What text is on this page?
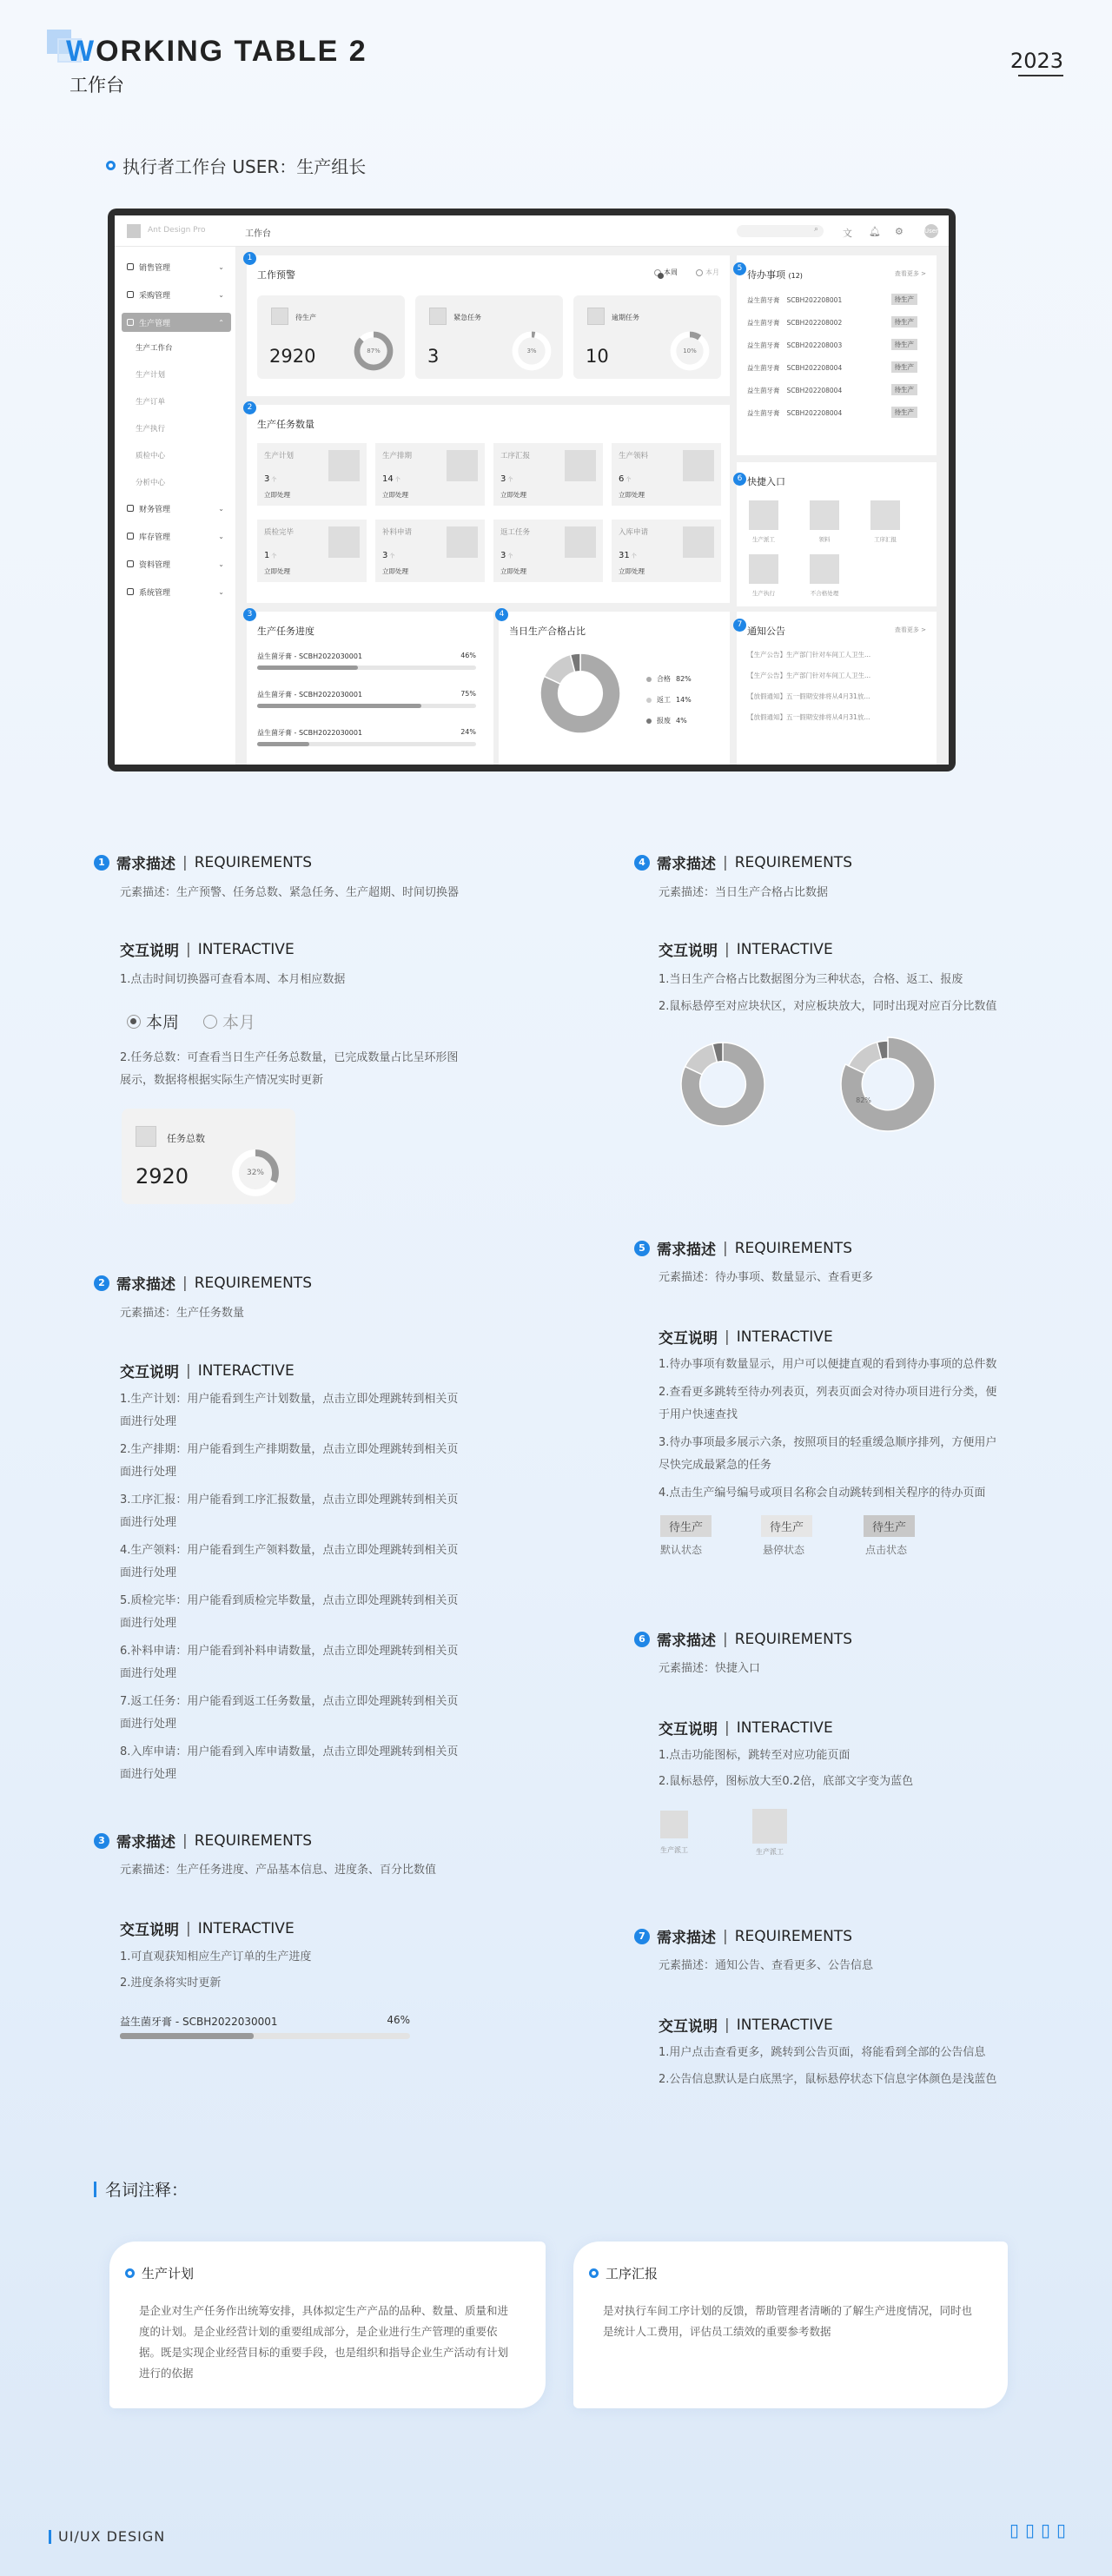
WORKING TABLE 2
工作台
2023
执行者工作台 USER：生产组长
Ant Design Pro	工作台	⌕	文 🔔︎ ⚙	User
销售管理	⌄
采购管理	⌄
生产管理	⌃
生产工作台
生产计划
生产订单
生产执行
质检中心
分析中心
财务管理	⌄
库存管理	⌄
资料管理	⌄
系统管理	⌄
1
工作预警	本周	本月
待生产
2920	87%
紧急任务
3	3%
逾期任务
10	10%
2
生产任务数量
生产计划
3 个
立即处理
生产排期
14 个
立即处理
工序汇报
3 个
立即处理
生产领料
6 个
立即处理
质检完毕
1 个
立即处理
补料申请
3 个
立即处理
返工任务
3 个
立即处理
入库申请
31 个
立即处理
3
生产任务进度
益生菌牙膏 - SCBH2022030001	46%
益生菌牙膏 - SCBH2022030001	75%
益生菌牙膏 - SCBH2022030001	24%
4
当日生产合格占比
合格 82%
返工 14%
报废 4%
5
待办事项 (12)	查看更多 >
益生菌牙膏 SCBH202208001	待生产
益生菌牙膏 SCBH202208002	待生产
益生菌牙膏 SCBH202208003	待生产
益生菌牙膏 SCBH202208004	待生产
益生菌牙膏 SCBH202208004	待生产
益生菌牙膏 SCBH202208004	待生产
6 快捷入口
生产派工	领料	工序汇报
生产执行	不合格处理
7
通知公告	查看更多 >
【生产公告】生产部门针对车间工人卫生...
【生产公告】生产部门针对车间工人卫生...
【放假通知】五一假期安排将从4月31放...
【放假通知】五一假期安排将从4月31放...
1 需求描述 | REQUIREMENTS
元素描述：生产预警、任务总数、紧急任务、生产超期、时间切换器
交互说明 | INTERACTIVE
1.点击时间切换器可查看本周、本月相应数据
本周	本月
2.任务总数：可查看当日生产任务总数量，已完成数量占比呈环形图
展示，数据将根据实际生产情况实时更新
任务总数
2920	32%
2 需求描述 | REQUIREMENTS
元素描述：生产任务数量
交互说明 | INTERACTIVE
1.生产计划：用户能看到生产计划数量，点击立即处理跳转到相关页
面进行处理
2.生产排期：用户能看到生产排期数量，点击立即处理跳转到相关页
面进行处理
3.工序汇报：用户能看到工序汇报数量，点击立即处理跳转到相关页
面进行处理
4.生产领料：用户能看到生产领料数量，点击立即处理跳转到相关页
面进行处理
5.质检完毕：用户能看到质检完毕数量，点击立即处理跳转到相关页
面进行处理
6.补料申请：用户能看到补料申请数量，点击立即处理跳转到相关页
面进行处理
7.返工任务：用户能看到返工任务数量，点击立即处理跳转到相关页
面进行处理
8.入库申请：用户能看到入库申请数量，点击立即处理跳转到相关页
面进行处理
3 需求描述 | REQUIREMENTS
元素描述：生产任务进度、产品基本信息、进度条、百分比数值
交互说明 | INTERACTIVE
1.可直观获知相应生产订单的生产进度
2.进度条将实时更新
益生菌牙膏 - SCBH2022030001	46%
4 需求描述 | REQUIREMENTS
元素描述：当日生产合格占比数据
交互说明 | INTERACTIVE
1.当日生产合格占比数据图分为三种状态，合格、返工、报废
2.鼠标悬停至对应块状区，对应板块放大，同时出现对应百分比数值
82%
5 需求描述 | REQUIREMENTS
元素描述：待办事项、数量显示、查看更多
交互说明 | INTERACTIVE
1.待办事项有数量显示，用户可以便捷直观的看到待办事项的总件数
2.查看更多跳转至待办列表页，列表页面会对待办项目进行分类，便
于用户快速查找
3.待办事项最多展示六条，按照项目的轻重缓急顺序排列，方便用户
尽快完成最紧急的任务
4.点击生产编号编号或项目名称会自动跳转到相关程序的待办页面
待生产	待生产	待生产
默认状态	悬停状态	点击状态
6 需求描述 | REQUIREMENTS
元素描述：快捷入口
交互说明 | INTERACTIVE
1.点击功能图标，跳转至对应功能页面
2.鼠标悬停，图标放大至0.2倍，底部文字变为蓝色
生产派工	生产派工
7 需求描述 | REQUIREMENTS
元素描述：通知公告、查看更多、公告信息
交互说明 | INTERACTIVE
1.用户点击查看更多，跳转到公告页面，将能看到全部的公告信息
2.公告信息默认是白底黑字，鼠标悬停状态下信息字体颜色是浅蓝色
名词注释：
生产计划
是企业对生产任务作出统筹安排，具体拟定生产产品的品种、数量、质量和进度的计划。是企业经营计划的重要组成部分，是企业进行生产管理的重要依据。既是实现企业经营目标的重要手段，也是组织和指导企业生产活动有计划进行的依据
工序汇报
是对执行车间工序计划的反馈，帮助管理者清晰的了解生产进度情况，同时也是统计人工费用，评估员工绩效的重要参考数据
UI/UX DESIGN	▯ ▯ ▯ ▯
